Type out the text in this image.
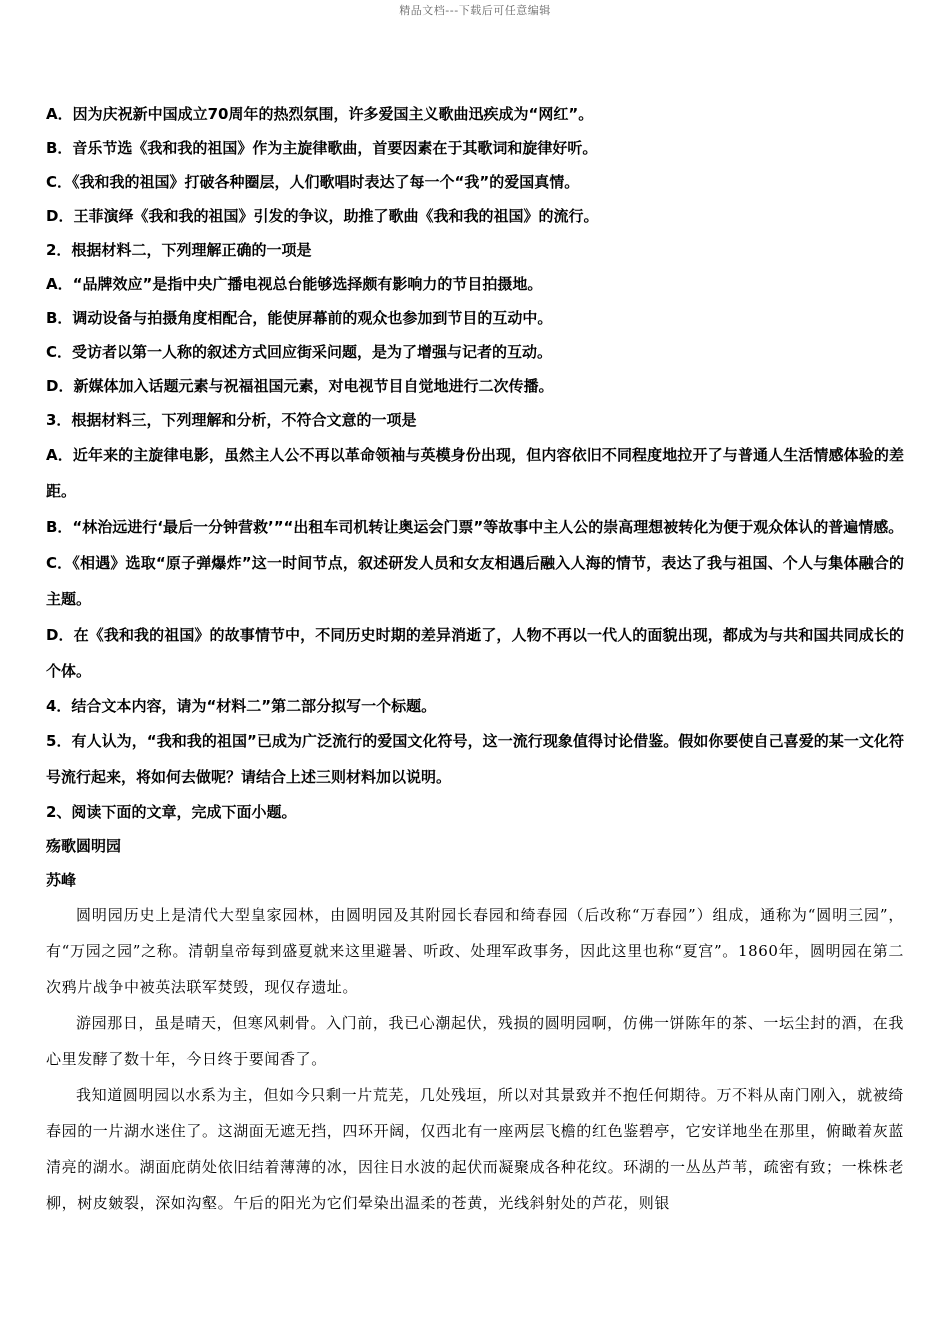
精品文档---下载后可任意编辑
A．因为庆祝新中国成立70周年的热烈氛围，许多爱国主义歌曲迅疾成为“网红”。
B．音乐节选《我和我的祖国》作为主旋律歌曲，首要因素在于其歌词和旋律好听。
C．《我和我的祖国》打破各种圈层，人们歌唱时表达了每一个“我”的爱国真情。
D．王菲演绎《我和我的祖国》引发的争议，助推了歌曲《我和我的祖国》的流行。
2．根据材料二，下列理解正确的一项是
A．“品牌效应”是指中央广播电视总台能够选择颇有影响力的节目拍摄地。
B．调动设备与拍摄角度相配合，能使屏幕前的观众也参加到节目的互动中。
C．受访者以第一人称的叙述方式回应街采问题，是为了增强与记者的互动。
D．新媒体加入话题元素与祝福祖国元素，对电视节目自觉地进行二次传播。
3．根据材料三，下列理解和分析，不符合文意的一项是
A．近年来的主旋律电影，虽然主人公不再以革命领袖与英模身份出现，但内容依旧不同程度地拉开了与普通人生活情感体验的差距。
B．“林治远进行‘最后一分钟营救’”“出租车司机转让奥运会门票”等故事中主人公的崇高理想被转化为便于观众体认的普遍情感。
C．《相遇》选取“原子弹爆炸”这一时间节点，叙述研发人员和女友相遇后融入人海的情节，表达了我与祖国、个人与集体融合的主题。
D．在《我和我的祖国》的故事情节中，不同历史时期的差异消逝了，人物不再以一代人的面貌出现，都成为与共和国共同成长的个体。
4．结合文本内容，请为“材料二”第二部分拟写一个标题。
5．有人认为，“我和我的祖国”已成为广泛流行的爱国文化符号，这一流行现象值得讨论借鉴。假如你要使自己喜爱的某一文化符号流行起来，将如何去做呢？请结合上述三则材料加以说明。
2、阅读下面的文章，完成下面小题。
殇歌圆明园
苏峰
圆明园历史上是清代大型皇家园林，由圆明园及其附园长春园和绮春园（后改称“万春园”）组成，通称为“圆明三园”，有“万园之园”之称。清朝皇帝每到盛夏就来这里避暑、听政、处理军政事务，因此这里也称“夏宫”。1860年，圆明园在第二次鸦片战争中被英法联军焚毁，现仅存遗址。
游园那日，虽是晴天，但寒风刺骨。入门前，我已心潮起伏，残损的圆明园啊，仿佛一饼陈年的茶、一坛尘封的酒，在我心里发酵了数十年，今日终于要闻香了。
我知道圆明园以水系为主，但如今只剩一片荒芜，几处残垣，所以对其景致并不抱任何期待。万不料从南门刚入，就被绮春园的一片湖水迷住了。这湖面无遮无挡，四环开阔，仅西北有一座两层飞檐的红色鉴碧亭，它安详地坐在那里，俯瞰着灰蓝清亮的湖水。湖面庇荫处依旧结着薄薄的冰，因往日水波的起伏而凝聚成各种花纹。环湖的一丛丛芦苇，疏密有致；一株株老柳，树皮皴裂，深如沟壑。午后的阳光为它们晕染出温柔的苍黄，光线斜射处的芦花，则银
